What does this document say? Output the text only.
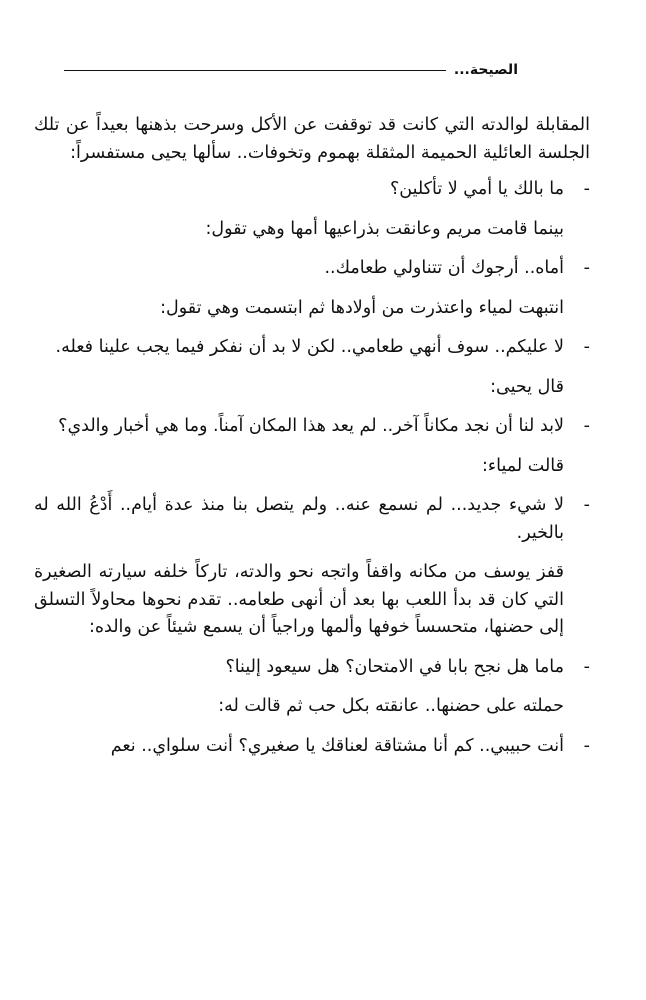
الصيحة...

المقابلة لوالدته التي كانت قد توقفت عن الأكل وسرحت بذهنها بعيداً عن تلك الجلسة العائلية الحميمة المثقلة بهموم وتخوفات.. سألها يحيى مستفسراً:

-
ما بالك يا أمي لا تأكلين؟

بينما قامت مريم وعانقت بذراعيها أمها وهي تقول:

-
أماه.. أرجوك أن تتناولي طعامك..

انتبهت لمياء واعتذرت من أولادها ثم ابتسمت وهي تقول:

-
لا عليكم.. سوف أنهي طعامي.. لكن لا بد أن نفكر فيما يجب علينا فعله.

قال يحيى:

-
لابد لنا أن نجد مكاناً آخر.. لم يعد هذا المكان آمناً. وما هي أخبار والدي؟

قالت لمياء:

-
لا شيء جديد... لم نسمع عنه.. ولم يتصل بنا منذ عدة أيام.. أَدْعُ الله له بالخير.

قفز يوسف من مكانه واقفاً واتجه نحو والدته، تاركاً خلفه سيارته الصغيرة التي كان قد بدأ اللعب بها بعد أن أنهى طعامه.. تقدم نحوها محاولاً التسلق إلى حضنها، متحسساً خوفها وألمها وراجياً أن يسمع شيئاً عن والده:

-
ماما هل نجح بابا في الامتحان؟ هل سيعود إلينا؟

حملته على حضنها.. عانقته بكل حب ثم قالت له:

-
أنت حبيبي.. كم أنا مشتاقة لعناقك يا صغيري؟ أنت سلواي.. نعم
